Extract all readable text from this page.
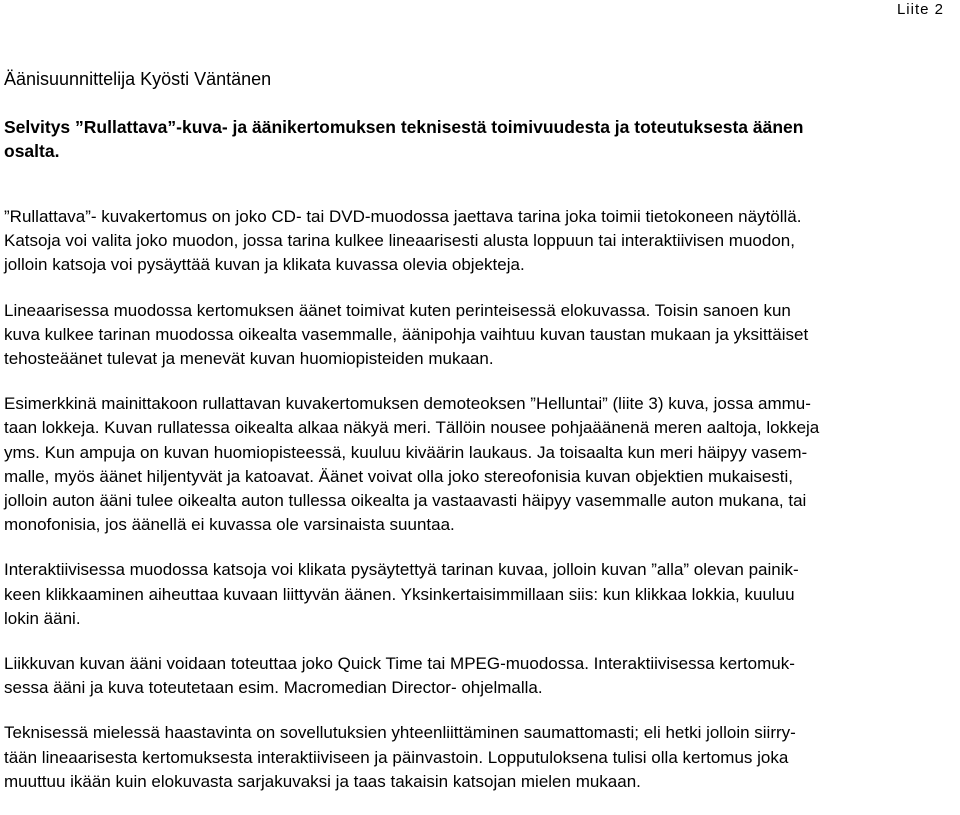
Liite 2
Äänisuunnittelija Kyösti Väntänen
Selvitys ”Rullattava”-kuva- ja äänikertomuksen teknisestä toimivuudesta ja toteutuksesta äänen
osalta.

”Rullattava”- kuvakertomus on joko CD- tai DVD-muodossa jaettava tarina joka toimii tietokoneen näytöllä.
Katsoja voi valita joko muodon, jossa tarina kulkee lineaarisesti alusta loppuun tai interaktiivisen muodon,
jolloin katsoja voi pysäyttää kuvan ja klikata kuvassa olevia objekteja.

Lineaarisessa muodossa kertomuksen äänet toimivat kuten perinteisessä elokuvassa. Toisin sanoen kun
kuva kulkee tarinan muodossa oikealta vasemmalle, äänipohja vaihtuu kuvan taustan mukaan ja yksittäiset
tehosteäänet tulevat ja menevät kuvan huomiopisteiden mukaan.

Esimerkkinä mainittakoon rullattavan kuvakertomuksen demoteoksen ”Helluntai” (liite 3) kuva, jossa ammu-
taan lokkeja. Kuvan rullatessa oikealta alkaa näkyä meri. Tällöin nousee pohjaäänenä meren aaltoja, lokkeja
yms. Kun ampuja on kuvan huomiopisteessä, kuuluu kiväärin laukaus. Ja toisaalta kun meri häipyy vasem-
malle, myös äänet hiljentyvät ja katoavat. Äänet voivat olla joko stereofonisia kuvan objektien mukaisesti,
jolloin auton ääni tulee oikealta auton tullessa oikealta ja vastaavasti häipyy vasemmalle auton mukana, tai
monofonisia, jos äänellä ei kuvassa ole varsinaista suuntaa.

Interaktiivisessa muodossa katsoja voi klikata pysäytettyä tarinan kuvaa, jolloin kuvan ”alla” olevan painik-
keen klikkaaminen aiheuttaa kuvaan liittyvän äänen. Yksinkertaisimmillaan siis: kun klikkaa lokkia, kuuluu
lokin ääni.

Liikkuvan kuvan ääni voidaan toteuttaa joko Quick Time tai MPEG-muodossa. Interaktiivisessa kertomuk-
sessa ääni ja kuva toteutetaan esim. Macromedian Director- ohjelmalla.

Teknisessä mielessä haastavinta on sovellutuksien yhteenliittäminen saumattomasti; eli hetki jolloin siirry-
tään lineaarisesta kertomuksesta interaktiiviseen ja päinvastoin. Lopputuloksena tulisi olla kertomus joka
muuttuu ikään kuin elokuvasta sarjakuvaksi ja taas takaisin katsojan mielen mukaan.
